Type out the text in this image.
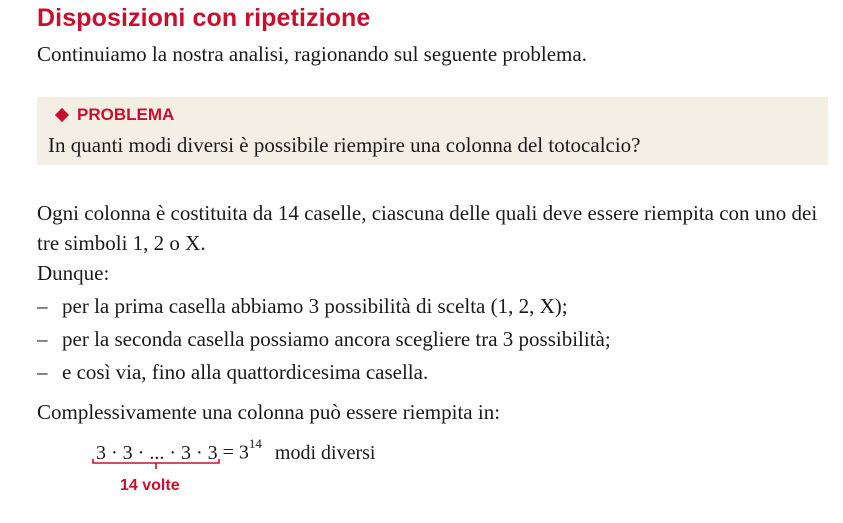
Disposizioni con ripetizione
Continuiamo la nostra analisi, ragionando sul seguente problema.
PROBLEMA
In quanti modi diversi è possibile riempire una colonna del totocalcio?

Ogni colonna è costituita da 14 caselle, ciascuna delle quali deve essere riempita con uno dei tre simboli 1, 2 o X.

Dunque:

– per la prima casella abbiamo 3 possibilità di scelta (1, 2, X);
– per la seconda casella possiamo ancora scegliere tra 3 possibilità;
– e così via, fino alla quattordicesima casella.
Complessivamente una colonna può essere riempita in:
3 · 3 · ... · $3 \cdot 3 = 3^{14}$ modi diversi
14 volte
